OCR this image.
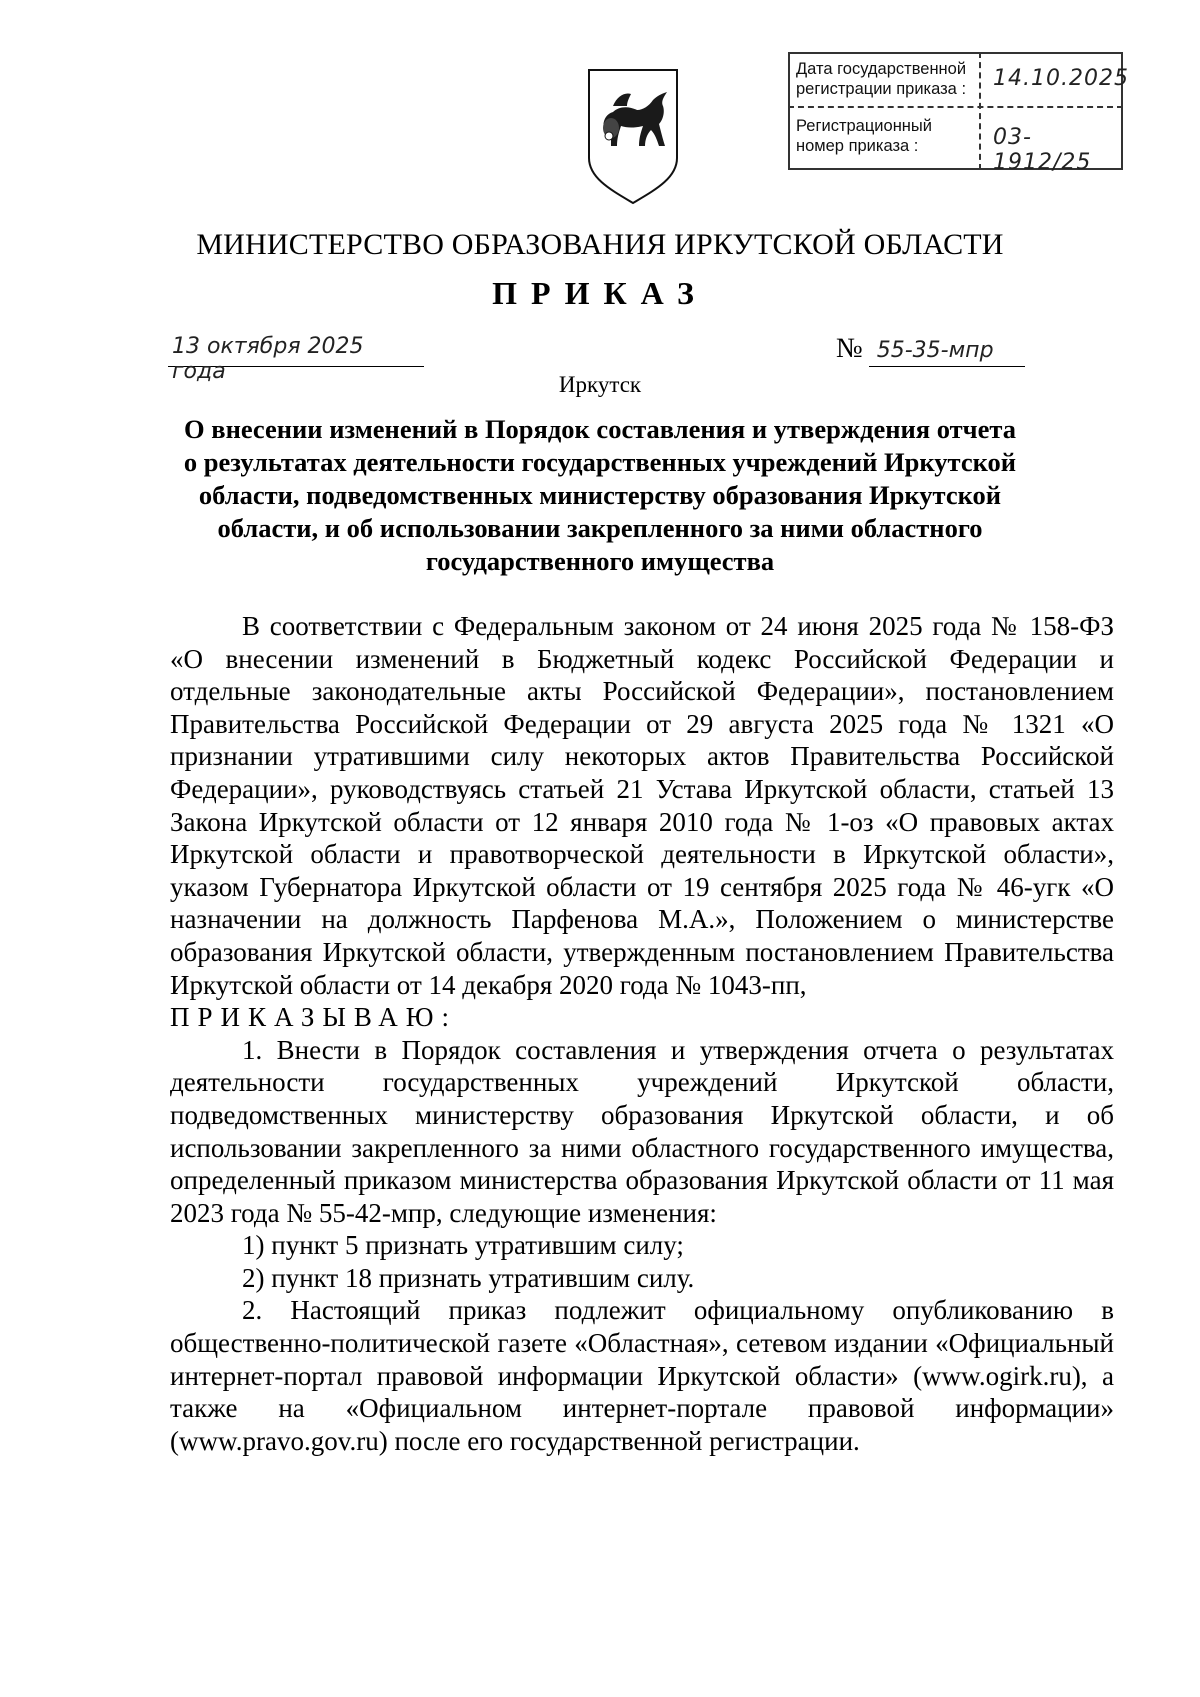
Дата государственной регистрации приказа :	14.10.2025
Регистрационный номер приказа :	03-1912/25
МИНИСТЕРСТВО ОБРАЗОВАНИЯ ИРКУТСКОЙ ОБЛАСТИ
ПРИКАЗ
13 октября 2025 года
№ 55-35-мпр
Иркутск
О внесении изменений в Порядок составления и утверждения отчета о результатах деятельности государственных учреждений Иркутской области, подведомственных министерству образования Иркутской области, и об использовании закрепленного за ними областного государственного имущества

В соответствии с Федеральным законом от 24 июня 2025 года № 158-ФЗ «О внесении изменений в Бюджетный кодекс Российской Федерации и отдельные законодательные акты Российской Федерации», постановлением Правительства Российской Федерации от 29 августа 2025 года № 1321 «О признании утратившими силу некоторых актов Правительства Российской Федерации», руководствуясь статьей 21 Устава Иркутской области, статьей 13 Закона Иркутской области от 12 января 2010 года № 1-оз «О правовых актах Иркутской области и правотворческой деятельности в Иркутской области», указом Губернатора Иркутской области от 19 сентября 2025 года № 46-угк «О назначении на должность Парфенова М.А.», Положением о министерстве образования Иркутской области, утвержденным постановлением Правительства Иркутской области от 14 декабря 2020 года № 1043-пп,

ПРИКАЗЫВАЮ:

1. Внести в Порядок составления и утверждения отчета о результатах деятельности государственных учреждений Иркутской области, подведомственных министерству образования Иркутской области, и об использовании закрепленного за ними областного государственного имущества, определенный приказом министерства образования Иркутской области от 11 мая 2023 года № 55-42-мпр, следующие изменения:

1) пункт 5 признать утратившим силу;

2) пункт 18 признать утратившим силу.

2. Настоящий приказ подлежит официальному опубликованию в общественно-политической газете «Областная», сетевом издании «Официальный интернет-портал правовой информации Иркутской области» (www.ogirk.ru), а также на «Официальном интернет-портале правовой информации» (www.pravo.gov.ru) после его государственной регистрации.
